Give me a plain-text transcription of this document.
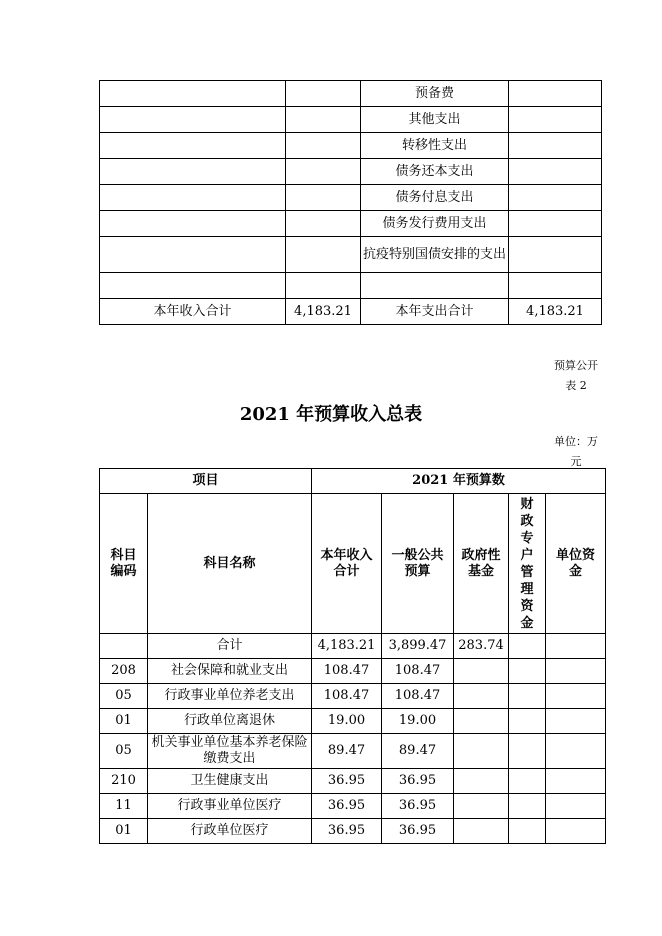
		预备费	
		其他支出	
		转移性支出	
		债务还本支出	
		债务付息支出	
		债务发行费用支出	
		抗疫特别国债安排的支出	

本年收入合计	4,183.21	本年支出合计	4,183.21
预算公开
表 2
2021 年预算收入总表
单位：万
元
项目		2021 年预算数				
科目编码	科目名称	本年收入合计	一般公共预算	政府性基金	财政专户管理资金	单位资金
	合计	4,183.21	3,899.47	283.74		
208	社会保障和就业支出	108.47	108.47			
05	行政事业单位养老支出	108.47	108.47			
01	行政单位离退休	19.00	19.00			
05	机关事业单位基本养老保险缴费支出	89.47	89.47			
210	卫生健康支出	36.95	36.95			
11	行政事业单位医疗	36.95	36.95			
01	行政单位医疗	36.95	36.95			
